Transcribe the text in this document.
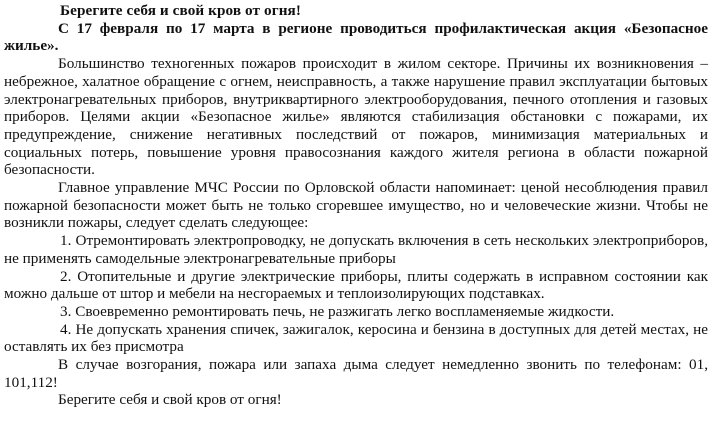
Берегите себя и свой кров от огня!

С 17 февраля по 17 марта в регионе проводиться профилактическая акция «Безопасное жилье».

Большинство техногенных пожаров происходит в жилом секторе. Причины их возникновения – небрежное, халатное обращение с огнем, неисправность, а также нарушение правил эксплуатации бытовых электронагревательных приборов, внутриквартирного электрооборудования, печного отопления и газовых приборов. Целями акции «Безопасное жилье» являются стабилизация обстановки с пожарами, их предупреждение, снижение негативных последствий от пожаров, минимизация материальных и социальных потерь, повышение уровня правосознания каждого жителя региона в области пожарной безопасности.

Главное управление МЧС России по Орловской области напоминает: ценой несоблюдения правил пожарной безопасности может быть не только сгоревшее имущество, но и человеческие жизни. Чтобы не возникли пожары, следует сделать следующее:

1. Отремонтировать электропроводку, не допускать включения в сеть нескольких электроприборов, не применять самодельные электронагревательные приборы

2. Отопительные и другие электрические приборы, плиты содержать в исправном состоянии как можно дальше от штор и мебели на несгораемых и теплоизолирующих подставках.

3. Своевременно ремонтировать печь, не разжигать легко воспламеняемые жидкости.

4. Не допускать хранения спичек, зажигалок, керосина и бензина в доступных для детей местах, не оставлять их без присмотра

В случае возгорания, пожара или запаха дыма следует немедленно звонить по телефонам: 01, 101,112!

Берегите себя и свой кров от огня!
